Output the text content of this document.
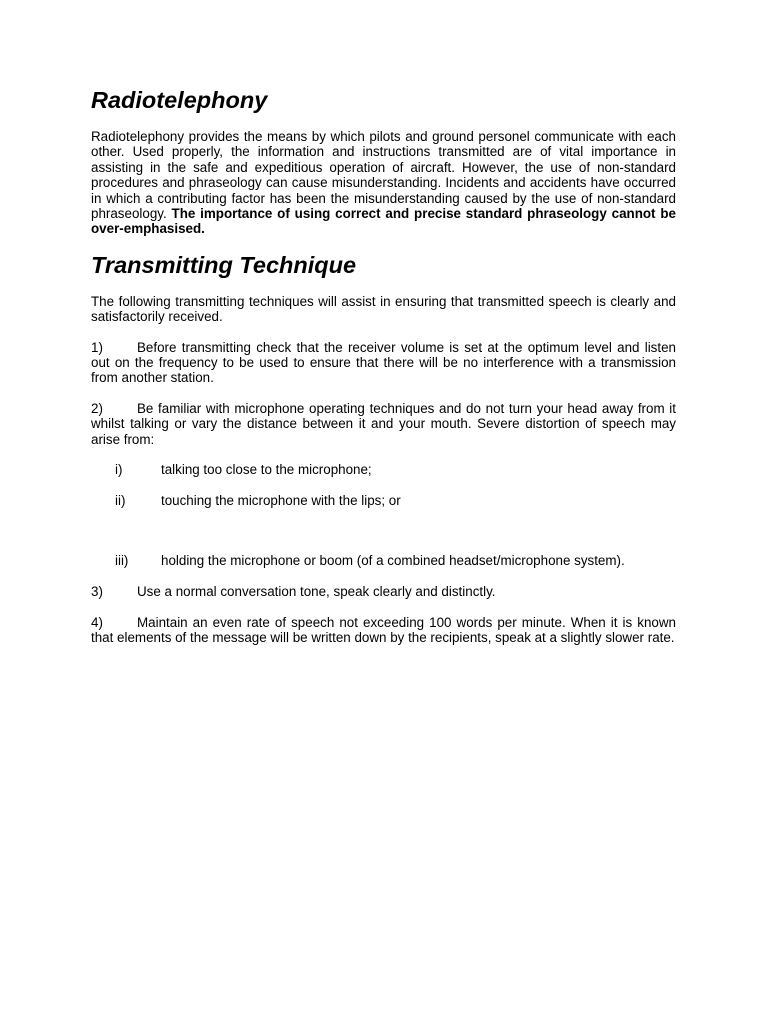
Radiotelephony

Radiotelephony provides the means by which pilots and ground personel communicate with each other. Used properly, the information and instructions transmitted are of vital importance in assisting in the safe and expeditious operation of aircraft. However, the use of non-standard procedures and phraseology can cause misunderstanding. Incidents and accidents have occurred in which a contributing factor has been the misunderstanding caused by the use of non-standard phraseology. The importance of using correct and precise standard phraseology cannot be over-emphasised.

Transmitting Technique

The following transmitting techniques will assist in ensuring that transmitted speech is clearly and satisfactorily received.

1)	Before transmitting check that the receiver volume is set at the optimum level and listen out on the frequency to be used to ensure that there will be no interference with a transmission from another station.

2)	Be familiar with microphone operating techniques and do not turn your head away from it whilst talking or vary the distance between it and your mouth. Severe distortion of speech may arise from:

i)	talking too close to the microphone;
ii)	touching the microphone with the lips; or
iii) holding the microphone or boom (of a combined headset/microphone system).

3)	Use a normal conversation tone, speak clearly and distinctly.

4)	Maintain an even rate of speech not exceeding 100 words per minute. When it is known that elements of the message will be written down by the recipients, speak at a slightly slower rate.
